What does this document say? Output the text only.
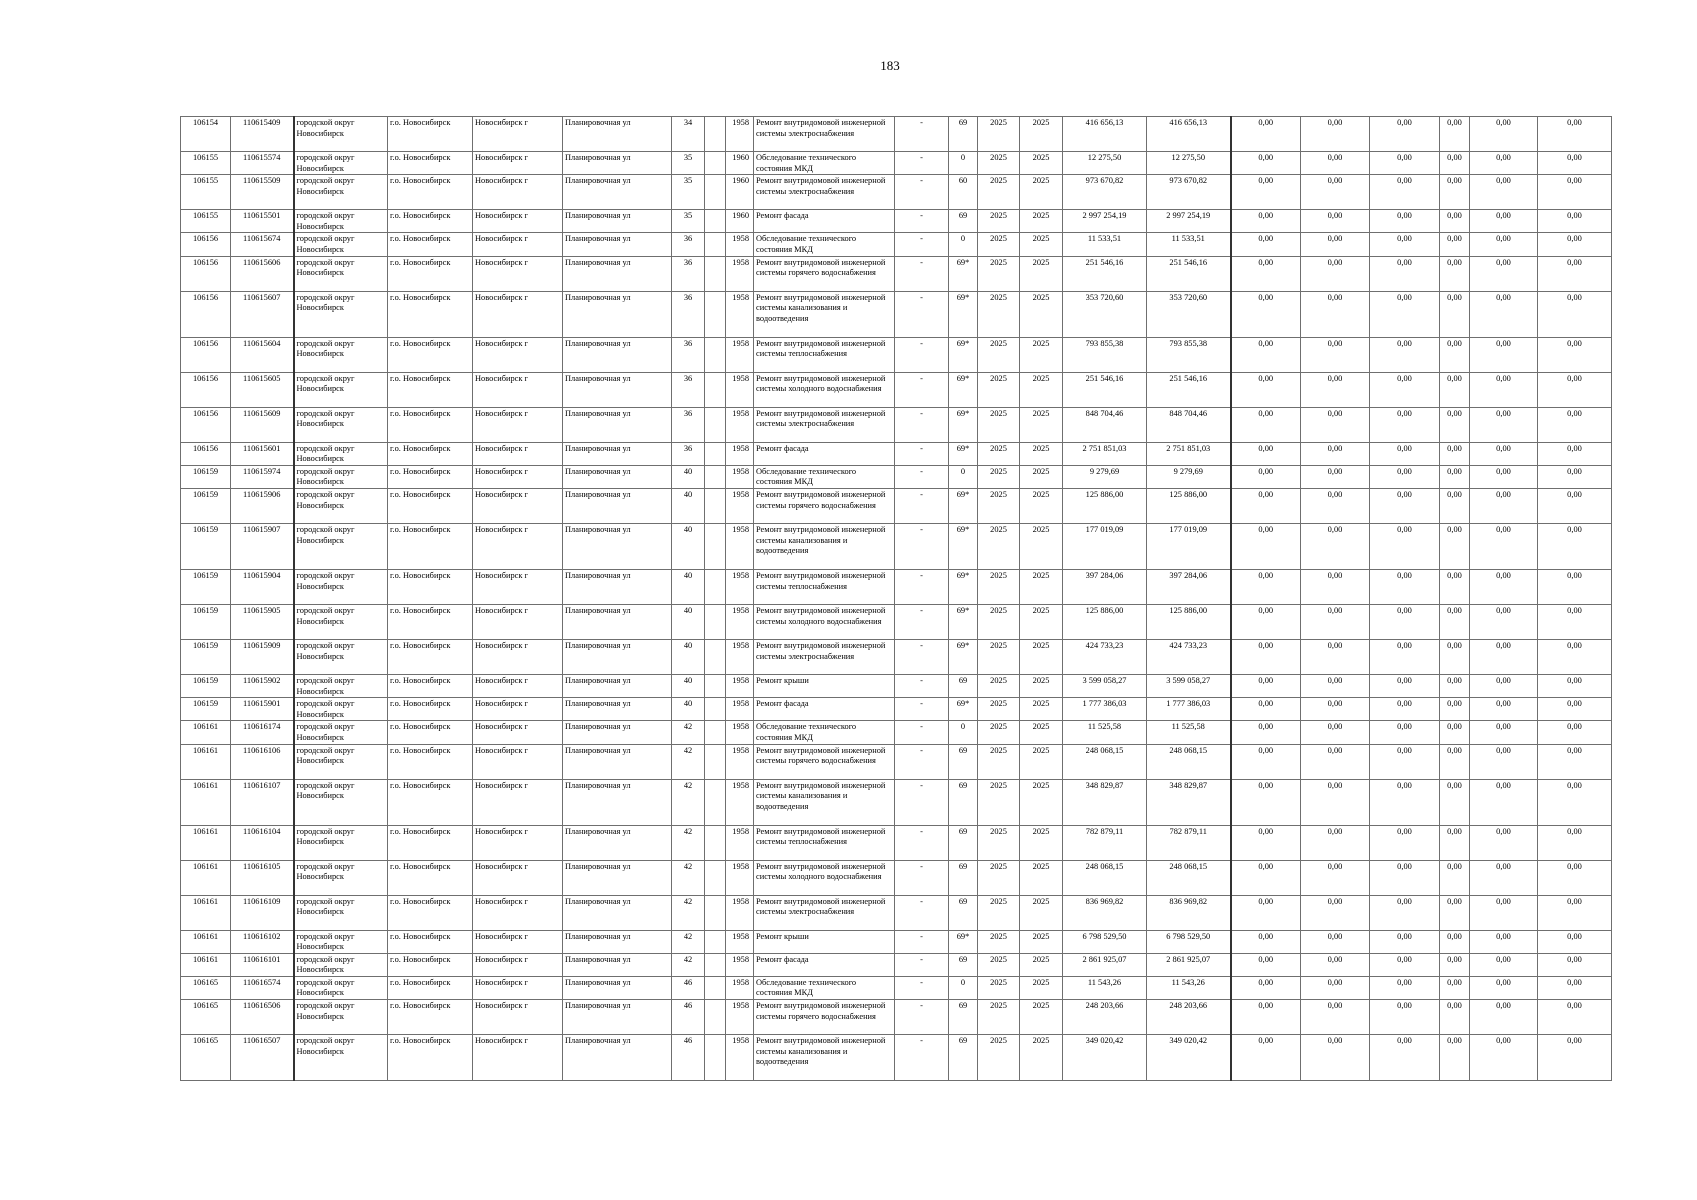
183
106154	110615409	городской округ Новосибирск	г.о. Новосибирск	Новосибирск г	Планировочная ул	34		1958	Ремонт внутридомовой инженерной системы электроснабжения	-	69	2025	2025	416 656,13	416 656,13	0,00	0,00	0,00	0,00	0,00	0,00
106155	110615574	городской округ Новосибирск	г.о. Новосибирск	Новосибирск г	Планировочная ул	35		1960	Обследование технического состояния МКД	-	0	2025	2025	12 275,50	12 275,50	0,00	0,00	0,00	0,00	0,00	0,00
106155	110615509	городской округ Новосибирск	г.о. Новосибирск	Новосибирск г	Планировочная ул	35		1960	Ремонт внутридомовой инженерной системы электроснабжения	-	60	2025	2025	973 670,82	973 670,82	0,00	0,00	0,00	0,00	0,00	0,00
106155	110615501	городской округ Новосибирск	г.о. Новосибирск	Новосибирск г	Планировочная ул	35		1960	Ремонт фасада	-	69	2025	2025	2 997 254,19	2 997 254,19	0,00	0,00	0,00	0,00	0,00	0,00
106156	110615674	городской округ Новосибирск	г.о. Новосибирск	Новосибирск г	Планировочная ул	36		1958	Обследование технического состояния МКД	-	0	2025	2025	11 533,51	11 533,51	0,00	0,00	0,00	0,00	0,00	0,00
106156	110615606	городской округ Новосибирск	г.о. Новосибирск	Новосибирск г	Планировочная ул	36		1958	Ремонт внутридомовой инженерной системы горячего водоснабжения	-	69*	2025	2025	251 546,16	251 546,16	0,00	0,00	0,00	0,00	0,00	0,00
106156	110615607	городской округ Новосибирск	г.о. Новосибирск	Новосибирск г	Планировочная ул	36		1958	Ремонт внутридомовой инженерной системы канализования и водоотведения	-	69*	2025	2025	353 720,60	353 720,60	0,00	0,00	0,00	0,00	0,00	0,00
106156	110615604	городской округ Новосибирск	г.о. Новосибирск	Новосибирск г	Планировочная ул	36		1958	Ремонт внутридомовой инженерной системы теплоснабжения	-	69*	2025	2025	793 855,38	793 855,38	0,00	0,00	0,00	0,00	0,00	0,00
106156	110615605	городской округ Новосибирск	г.о. Новосибирск	Новосибирск г	Планировочная ул	36		1958	Ремонт внутридомовой инженерной системы холодного водоснабжения	-	69*	2025	2025	251 546,16	251 546,16	0,00	0,00	0,00	0,00	0,00	0,00
106156	110615609	городской округ Новосибирск	г.о. Новосибирск	Новосибирск г	Планировочная ул	36		1958	Ремонт внутридомовой инженерной системы электроснабжения	-	69*	2025	2025	848 704,46	848 704,46	0,00	0,00	0,00	0,00	0,00	0,00
106156	110615601	городской округ Новосибирск	г.о. Новосибирск	Новосибирск г	Планировочная ул	36		1958	Ремонт фасада	-	69*	2025	2025	2 751 851,03	2 751 851,03	0,00	0,00	0,00	0,00	0,00	0,00
106159	110615974	городской округ Новосибирск	г.о. Новосибирск	Новосибирск г	Планировочная ул	40		1958	Обследование технического состояния МКД	-	0	2025	2025	9 279,69	9 279,69	0,00	0,00	0,00	0,00	0,00	0,00
106159	110615906	городской округ Новосибирск	г.о. Новосибирск	Новосибирск г	Планировочная ул	40		1958	Ремонт внутридомовой инженерной системы горячего водоснабжения	-	69*	2025	2025	125 886,00	125 886,00	0,00	0,00	0,00	0,00	0,00	0,00
106159	110615907	городской округ Новосибирск	г.о. Новосибирск	Новосибирск г	Планировочная ул	40		1958	Ремонт внутридомовой инженерной системы канализования и водоотведения	-	69*	2025	2025	177 019,09	177 019,09	0,00	0,00	0,00	0,00	0,00	0,00
106159	110615904	городской округ Новосибирск	г.о. Новосибирск	Новосибирск г	Планировочная ул	40		1958	Ремонт внутридомовой инженерной системы теплоснабжения	-	69*	2025	2025	397 284,06	397 284,06	0,00	0,00	0,00	0,00	0,00	0,00
106159	110615905	городской округ Новосибирск	г.о. Новосибирск	Новосибирск г	Планировочная ул	40		1958	Ремонт внутридомовой инженерной системы холодного водоснабжения	-	69*	2025	2025	125 886,00	125 886,00	0,00	0,00	0,00	0,00	0,00	0,00
106159	110615909	городской округ Новосибирск	г.о. Новосибирск	Новосибирск г	Планировочная ул	40		1958	Ремонт внутридомовой инженерной системы электроснабжения	-	69*	2025	2025	424 733,23	424 733,23	0,00	0,00	0,00	0,00	0,00	0,00
106159	110615902	городской округ Новосибирск	г.о. Новосибирск	Новосибирск г	Планировочная ул	40		1958	Ремонт крыши	-	69	2025	2025	3 599 058,27	3 599 058,27	0,00	0,00	0,00	0,00	0,00	0,00
106159	110615901	городской округ Новосибирск	г.о. Новосибирск	Новосибирск г	Планировочная ул	40		1958	Ремонт фасада	-	69*	2025	2025	1 777 386,03	1 777 386,03	0,00	0,00	0,00	0,00	0,00	0,00
106161	110616174	городской округ Новосибирск	г.о. Новосибирск	Новосибирск г	Планировочная ул	42		1958	Обследование технического состояния МКД	-	0	2025	2025	11 525,58	11 525,58	0,00	0,00	0,00	0,00	0,00	0,00
106161	110616106	городской округ Новосибирск	г.о. Новосибирск	Новосибирск г	Планировочная ул	42		1958	Ремонт внутридомовой инженерной системы горячего водоснабжения	-	69	2025	2025	248 068,15	248 068,15	0,00	0,00	0,00	0,00	0,00	0,00
106161	110616107	городской округ Новосибирск	г.о. Новосибирск	Новосибирск г	Планировочная ул	42		1958	Ремонт внутридомовой инженерной системы канализования и водоотведения	-	69	2025	2025	348 829,87	348 829,87	0,00	0,00	0,00	0,00	0,00	0,00
106161	110616104	городской округ Новосибирск	г.о. Новосибирск	Новосибирск г	Планировочная ул	42		1958	Ремонт внутридомовой инженерной системы теплоснабжения	-	69	2025	2025	782 879,11	782 879,11	0,00	0,00	0,00	0,00	0,00	0,00
106161	110616105	городской округ Новосибирск	г.о. Новосибирск	Новосибирск г	Планировочная ул	42		1958	Ремонт внутридомовой инженерной системы холодного водоснабжения	-	69	2025	2025	248 068,15	248 068,15	0,00	0,00	0,00	0,00	0,00	0,00
106161	110616109	городской округ Новосибирск	г.о. Новосибирск	Новосибирск г	Планировочная ул	42		1958	Ремонт внутридомовой инженерной системы электроснабжения	-	69	2025	2025	836 969,82	836 969,82	0,00	0,00	0,00	0,00	0,00	0,00
106161	110616102	городской округ Новосибирск	г.о. Новосибирск	Новосибирск г	Планировочная ул	42		1958	Ремонт крыши	-	69*	2025	2025	6 798 529,50	6 798 529,50	0,00	0,00	0,00	0,00	0,00	0,00
106161	110616101	городской округ Новосибирск	г.о. Новосибирск	Новосибирск г	Планировочная ул	42		1958	Ремонт фасада	-	69	2025	2025	2 861 925,07	2 861 925,07	0,00	0,00	0,00	0,00	0,00	0,00
106165	110616574	городской округ Новосибирск	г.о. Новосибирск	Новосибирск г	Планировочная ул	46		1958	Обследование технического состояния МКД	-	0	2025	2025	11 543,26	11 543,26	0,00	0,00	0,00	0,00	0,00	0,00
106165	110616506	городской округ Новосибирск	г.о. Новосибирск	Новосибирск г	Планировочная ул	46		1958	Ремонт внутридомовой инженерной системы горячего водоснабжения	-	69	2025	2025	248 203,66	248 203,66	0,00	0,00	0,00	0,00	0,00	0,00
106165	110616507	городской округ Новосибирск	г.о. Новосибирск	Новосибирск г	Планировочная ул	46		1958	Ремонт внутридомовой инженерной системы канализования и водоотведения	-	69	2025	2025	349 020,42	349 020,42	0,00	0,00	0,00	0,00	0,00	0,00
